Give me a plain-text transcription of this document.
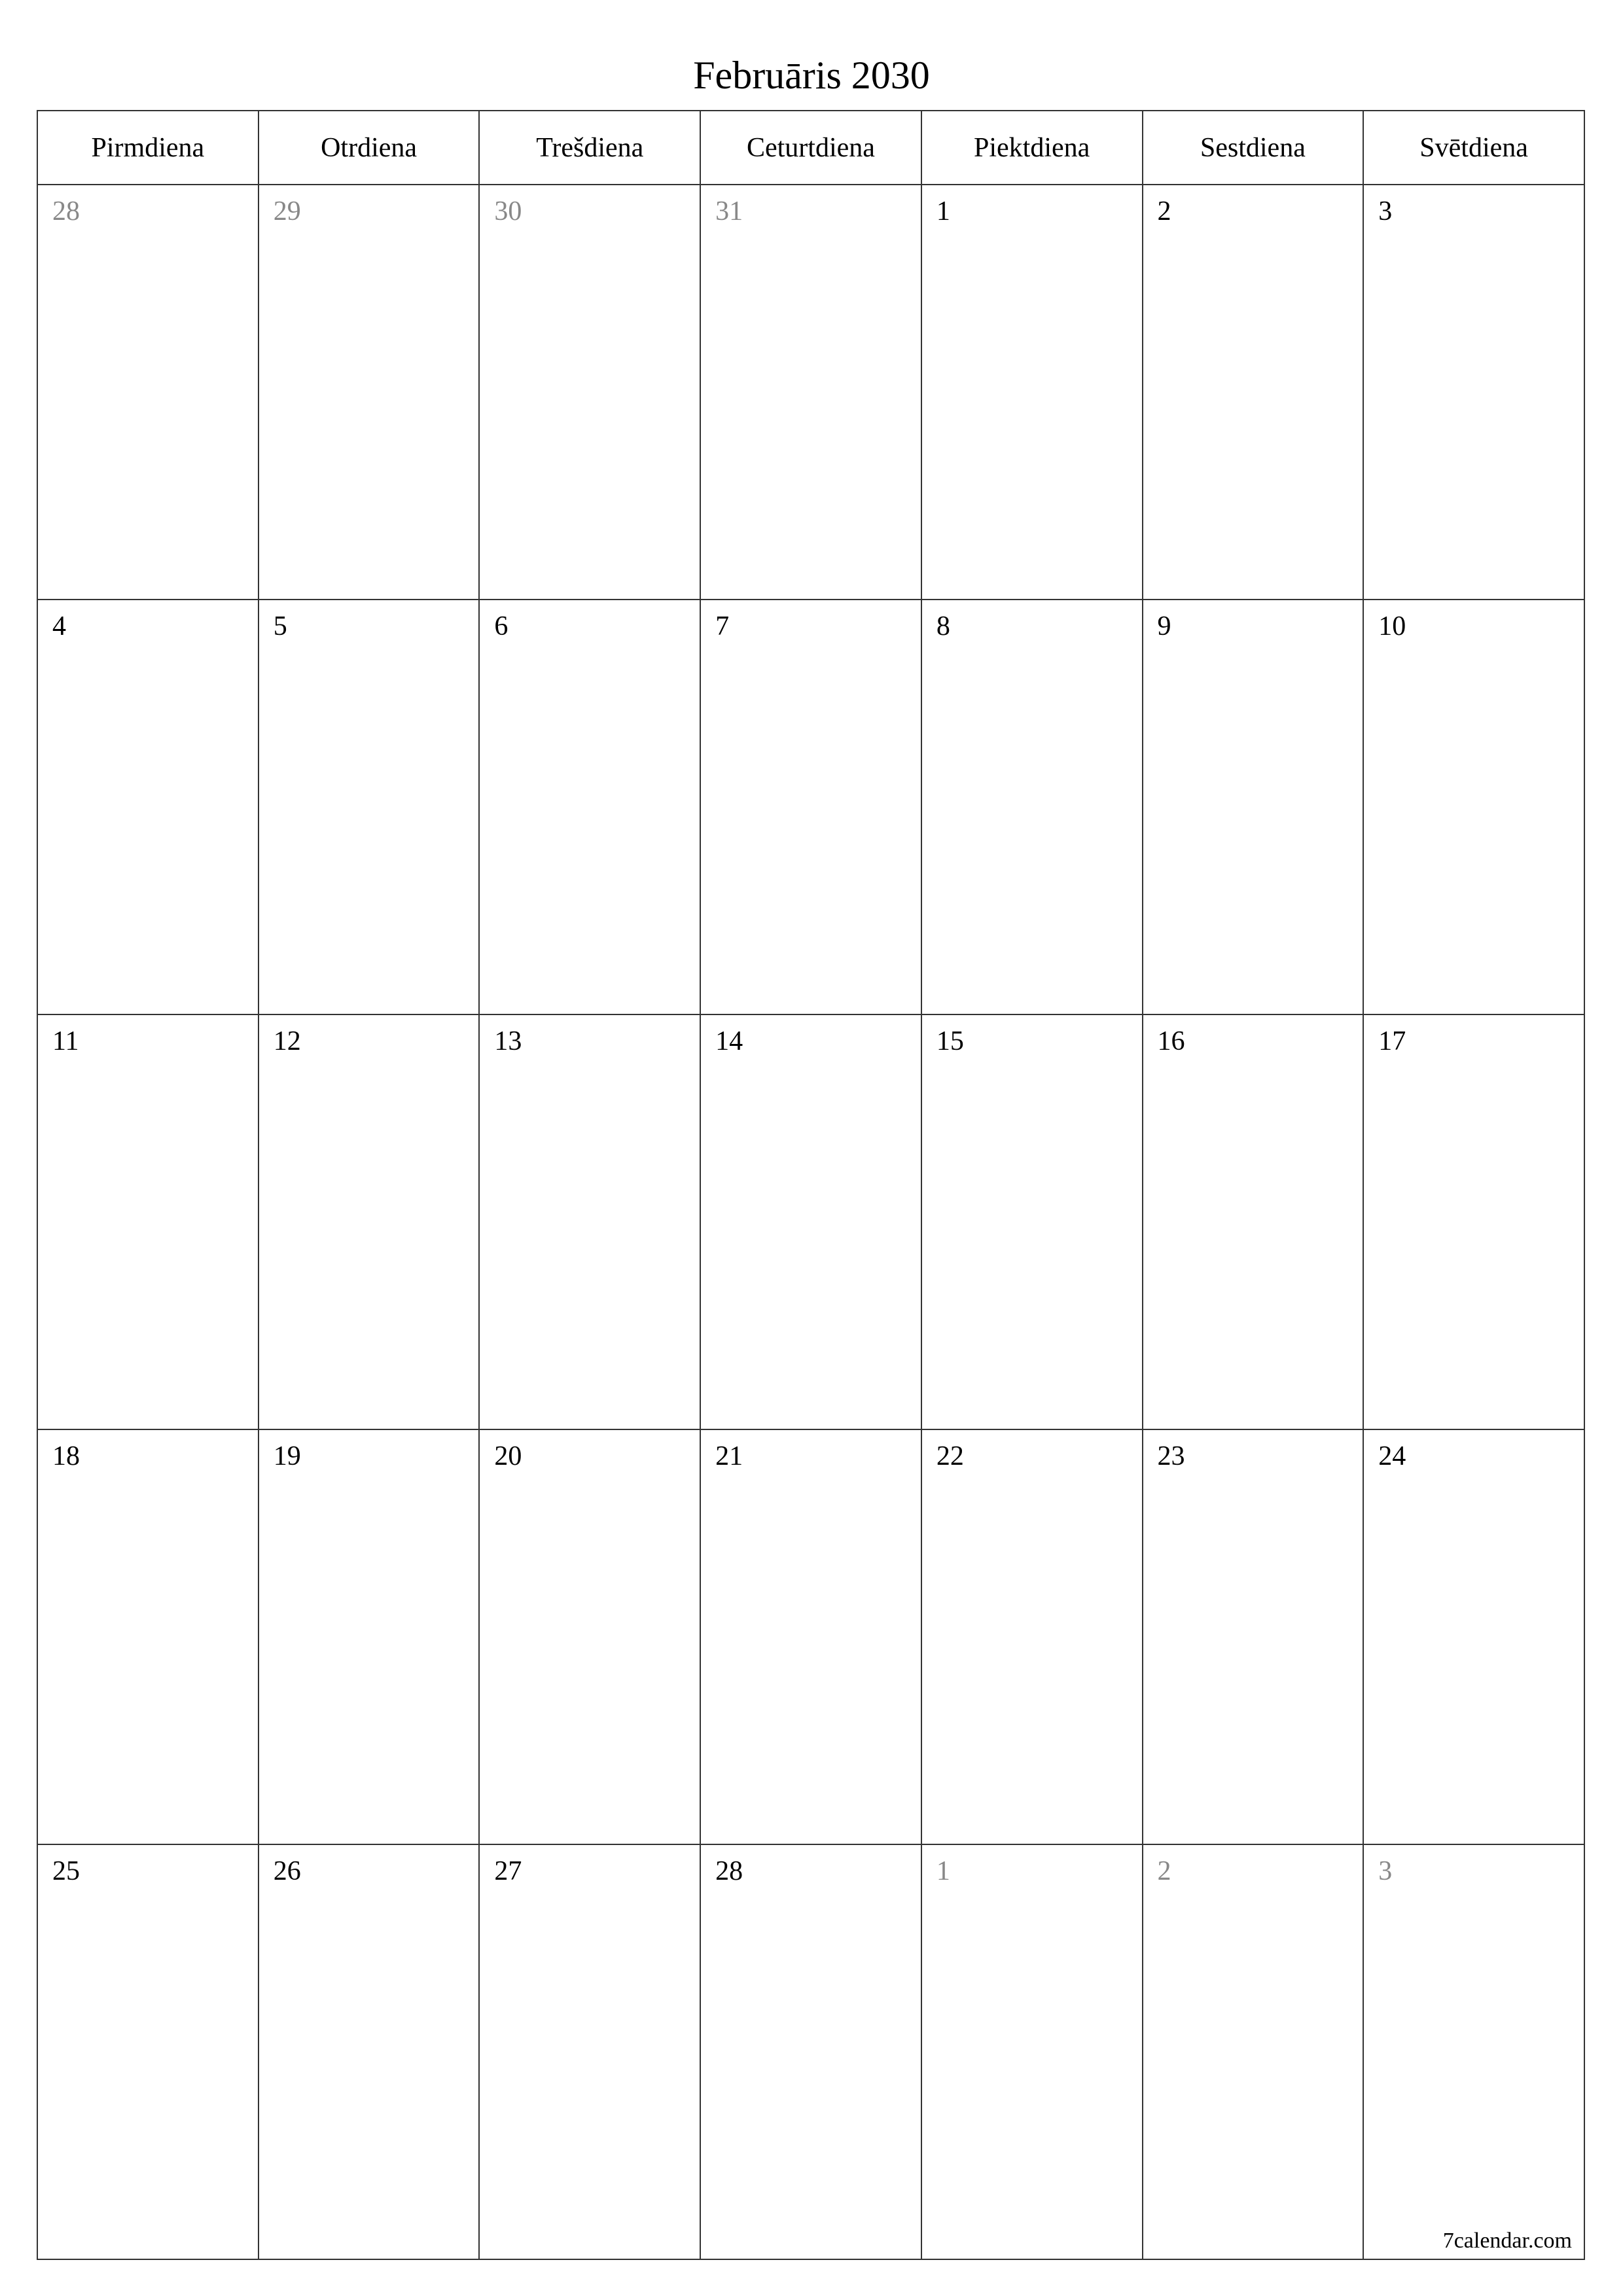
Februāris 2030
Pirmdiena	Otrdiena	Trešdiena	Ceturtdiena	Piektdiena	Sestdiena	Svētdiena

28	29	30	31	1	2	3

4	5	6	7	8	9	10

11	12	13	14	15	16	17

18	19	20	21	22	23	24

25	26	27	28	1	2	3
7calendar.com
